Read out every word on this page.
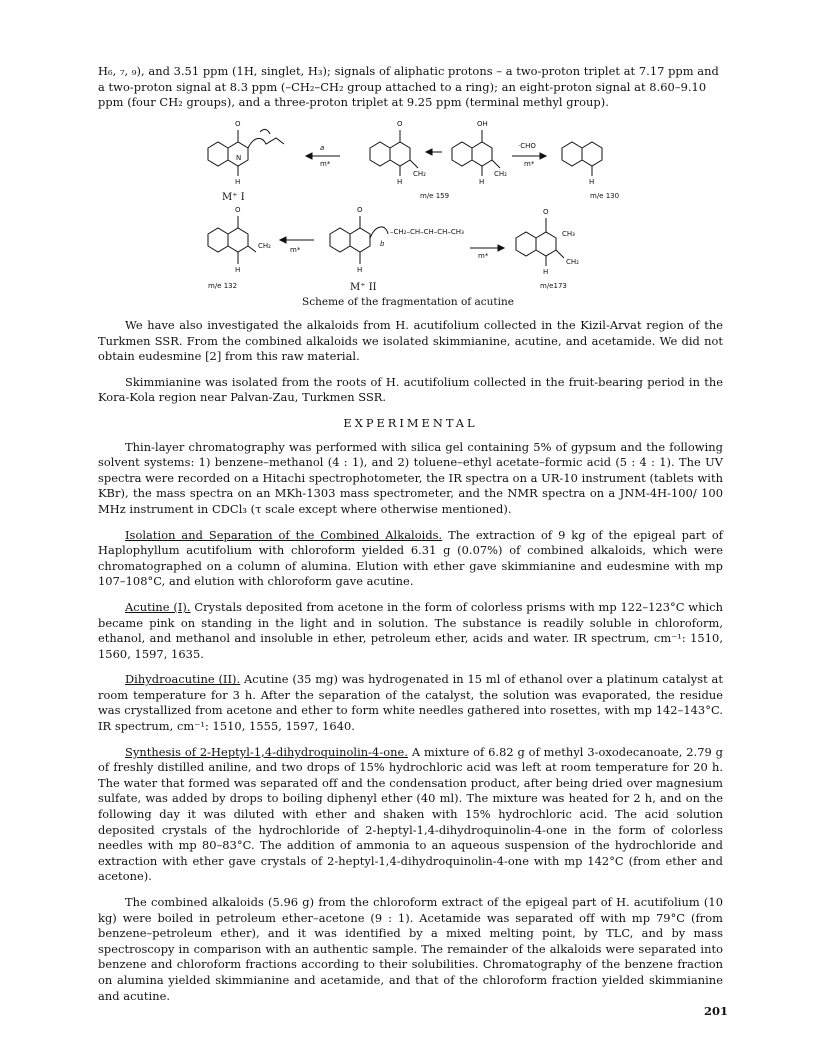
H₆, ₇, ₉), and 3.51 ppm (1H, singlet, H₃); signals of aliphatic protons – a two-proton triplet at 7.17 ppm and
a two-proton signal at 8.3 ppm (–CH₂–CH₂ group attached to a ring); an eight-proton signal at 8.60–9.10
ppm (four CH₂ groups), and a three-proton triplet at 9.25 ppm (terminal methyl group).
O
H
N
M⁺ I
a
m*
O
CH₂
H
m/e 159
OH
CH₂
H
·CHO
m*
H
m/e 130
O
CH₂
H
m/e 132
m*
O
–CH₂–CH–CH–CH–CH₃
b
H
M⁺ II
m*
O
CH₃
CH₂
H
m/e173
Scheme of the fragmentation of acutine

We have also investigated the alkaloids from H. acutifolium collected in the Kizil-Arvat region of the Turkmen SSR. From the combined alkaloids we isolated skimmianine, acutine, and acetamide. We did not obtain eudesmine [2] from this raw material.

Skimmianine was isolated from the roots of H. acutifolium collected in the fruit-bearing period in the Kora-Kola region near Palvan-Zau, Turkmen SSR.

EXPERIMENTAL

Thin-layer chromatography was performed with silica gel containing 5% of gypsum and the following solvent systems: 1) benzene–methanol (4 : 1), and 2) toluene–ethyl acetate–formic acid (5 : 4 : 1). The UV spectra were recorded on a Hitachi spectrophotometer, the IR spectra on a UR-10 instrument (tablets with KBr), the mass spectra on an MKh-1303 mass spectrometer, and the NMR spectra on a JNM-4H-100/ 100 MHz instrument in CDCl₃ (τ scale except where otherwise mentioned).

Isolation and Separation of the Combined Alkaloids. The extraction of 9 kg of the epigeal part of Haplophyllum acutifolium with chloroform yielded 6.31 g (0.07%) of combined alkaloids, which were chromatographed on a column of alumina. Elution with ether gave skimmianine and eudesmine with mp 107–108°C, and elution with chloroform gave acutine.

Acutine (I). Crystals deposited from acetone in the form of colorless prisms with mp 122–123°C which became pink on standing in the light and in solution. The substance is readily soluble in chloroform, ethanol, and methanol and insoluble in ether, petroleum ether, acids and water. IR spectrum, cm⁻¹: 1510, 1560, 1597, 1635.

Dihydroacutine (II). Acutine (35 mg) was hydrogenated in 15 ml of ethanol over a platinum catalyst at room temperature for 3 h. After the separation of the catalyst, the solution was evaporated, the residue was crystallized from acetone and ether to form white needles gathered into rosettes, with mp 142–143°C. IR spectrum, cm⁻¹: 1510, 1555, 1597, 1640.

Synthesis of 2-Heptyl-1,4-dihydroquinolin-4-one. A mixture of 6.82 g of methyl 3-oxodecanoate, 2.79 g of freshly distilled aniline, and two drops of 15% hydrochloric acid was left at room temperature for 20 h. The water that formed was separated off and the condensation product, after being dried over magnesium sulfate, was added by drops to boiling diphenyl ether (40 ml). The mixture was heated for 2 h, and on the following day it was diluted with ether and shaken with 15% hydrochloric acid. The acid solution deposited crystals of the hydrochloride of 2-heptyl-1,4-dihydroquinolin-4-one in the form of colorless needles with mp 80–83°C. The addition of ammonia to an aqueous suspension of the hydrochloride and extraction with ether gave crystals of 2-heptyl-1,4-dihydroquinolin-4-one with mp 142°C (from ether and acetone).

The combined alkaloids (5.96 g) from the chloroform extract of the epigeal part of H. acutifolium (10 kg) were boiled in petroleum ether–acetone (9 : 1). Acetamide was separated off with mp 79°C (from benzene–petroleum ether), and it was identified by a mixed melting point, by TLC, and by mass spectroscopy in comparison with an authentic sample. The remainder of the alkaloids were separated into benzene and chloroform fractions according to their solubilities. Chromatography of the benzene fraction on alumina yielded skimmianine and acetamide, and that of the chloroform fraction yielded skimmianine and acutine.

201
